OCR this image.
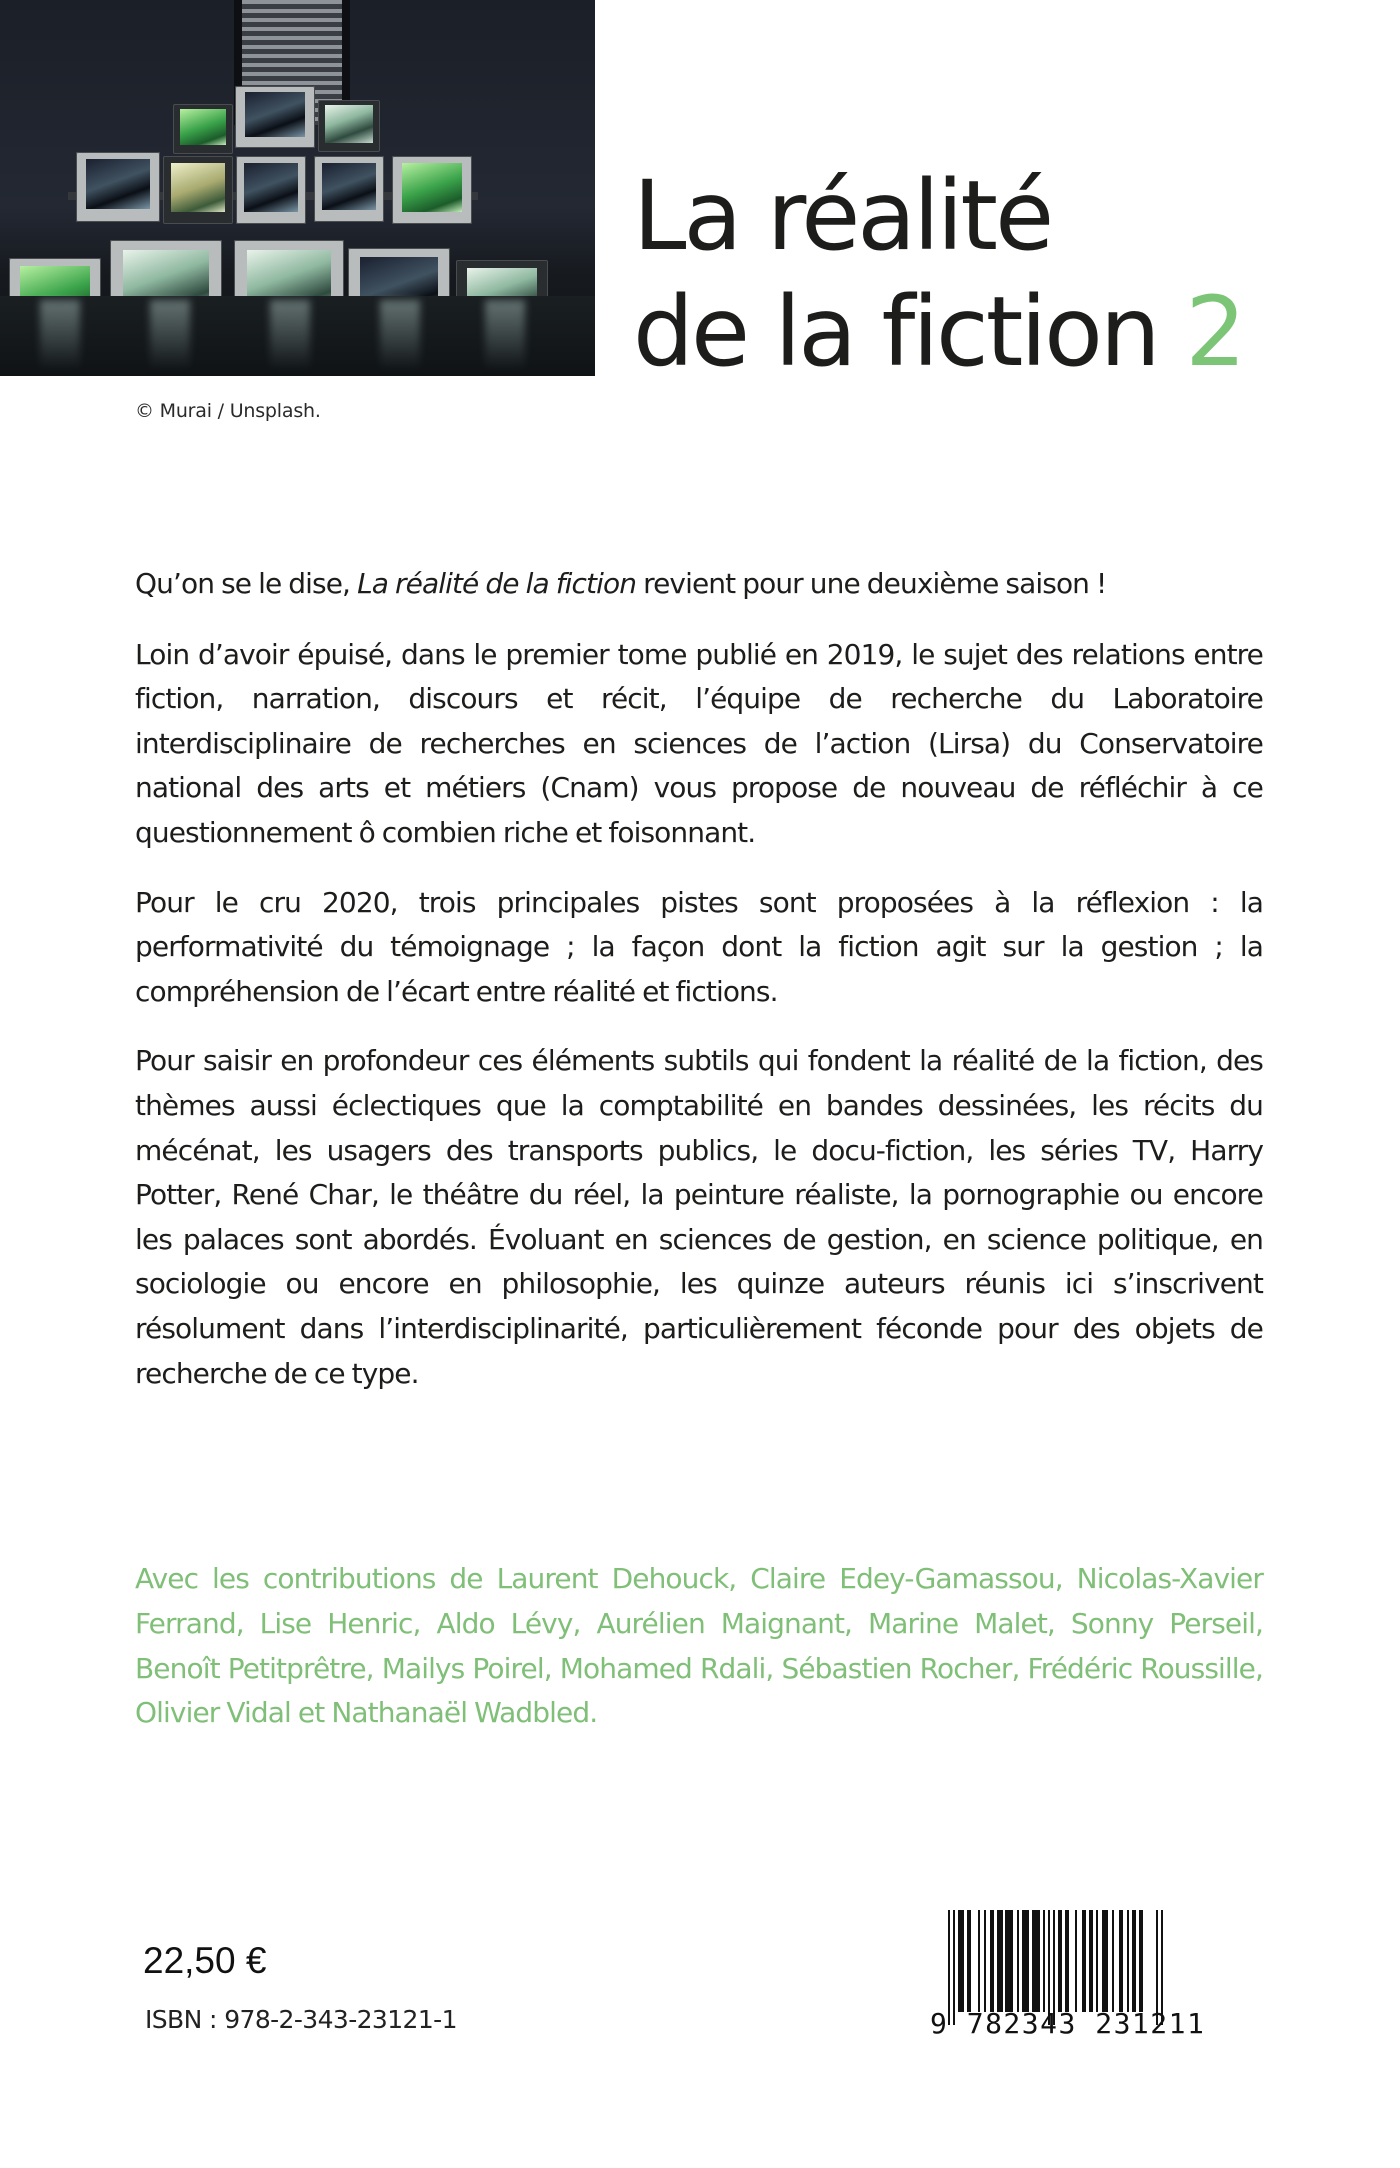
© Murai / Unsplash.
La réalité
de la fiction 2

Qu’on se le dise, La réalité de la fiction revient pour une deuxième saison !

Loin d’avoir épuisé, dans le premier tome publié en 2019, le sujet des relations entre fiction, narration, discours et récit, l’équipe de recherche du Laboratoire interdisciplinaire de recherches en sciences de l’action (Lirsa) du Conservatoire national des arts et métiers (Cnam) vous propose de nouveau de réfléchir à ce questionnement ô combien riche et foisonnant.

Pour le cru 2020, trois principales pistes sont proposées à la réflexion : la performativité du témoignage ; la façon dont la fiction agit sur la gestion ; la compréhension de l’écart entre réalité et fictions.

Pour saisir en profondeur ces éléments subtils qui fondent la réalité de la fiction, des thèmes aussi éclectiques que la comptabilité en bandes dessinées, les récits du mécénat, les usagers des transports publics, le docu-fiction, les séries TV, Harry Potter, René Char, le théâtre du réel, la peinture réaliste, la pornographie ou encore les palaces sont abordés. Évoluant en sciences de gestion, en science politique, en sociologie ou encore en philosophie, les quinze auteurs réunis ici s’inscrivent résolument dans l’interdisciplinarité, particulièrement féconde pour des objets de recherche de ce type.

Avec les contributions de Laurent Dehouck, Claire Edey-Gamassou, Nicolas-Xavier Ferrand, Lise Henric, Aldo Lévy, Aurélien Maignant, Marine Malet, Sonny Perseil, Benoît Petitprêtre, Mailys Poirel, Mohamed Rdali, Sébastien Rocher, Frédéric Roussille, Olivier Vidal et Nathanaël Wadbled.

22,50 €
ISBN : 978-2-343-23121-1	9 782343 231211
